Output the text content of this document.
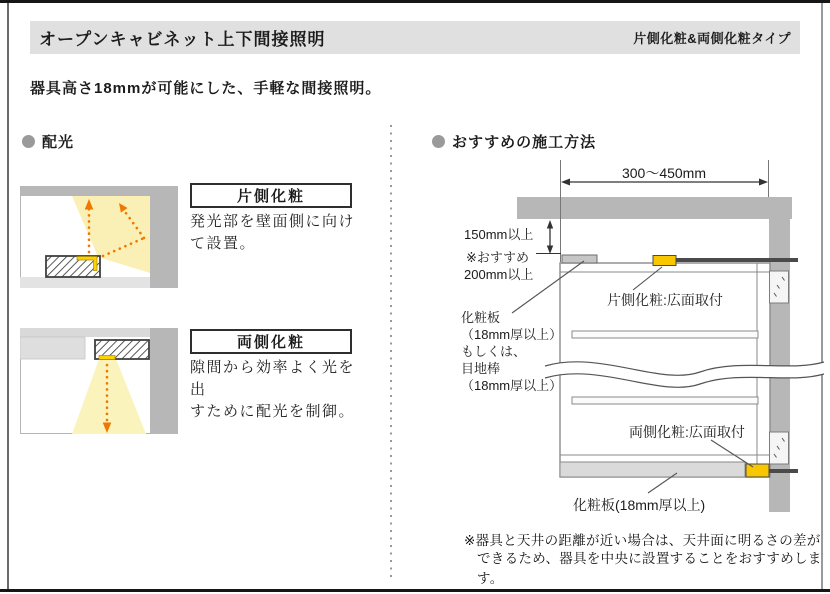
オープンキャビネット上下間接照明	片側化粧&両側化粧タイプ
器具高さ18mmが可能にした、手軽な間接照明。
配光
片側化粧
発光部を壁面側に向け
て設置。
両側化粧
隙間から効率よく光を出
すために配光を制御。
おすすめの施工方法
300〜450mm
150mm以上
※おすすめ
200mm以上
片側化粧:広面取付
化粧板
（18mm厚以上）
もしくは、
目地棒
（18mm厚以上）
両側化粧:広面取付
化粧板(18mm厚以上)
※器具と天井の距離が近い場合は、天井面に明るさの差が
できるため、器具を中央に設置することをおすすめします。
